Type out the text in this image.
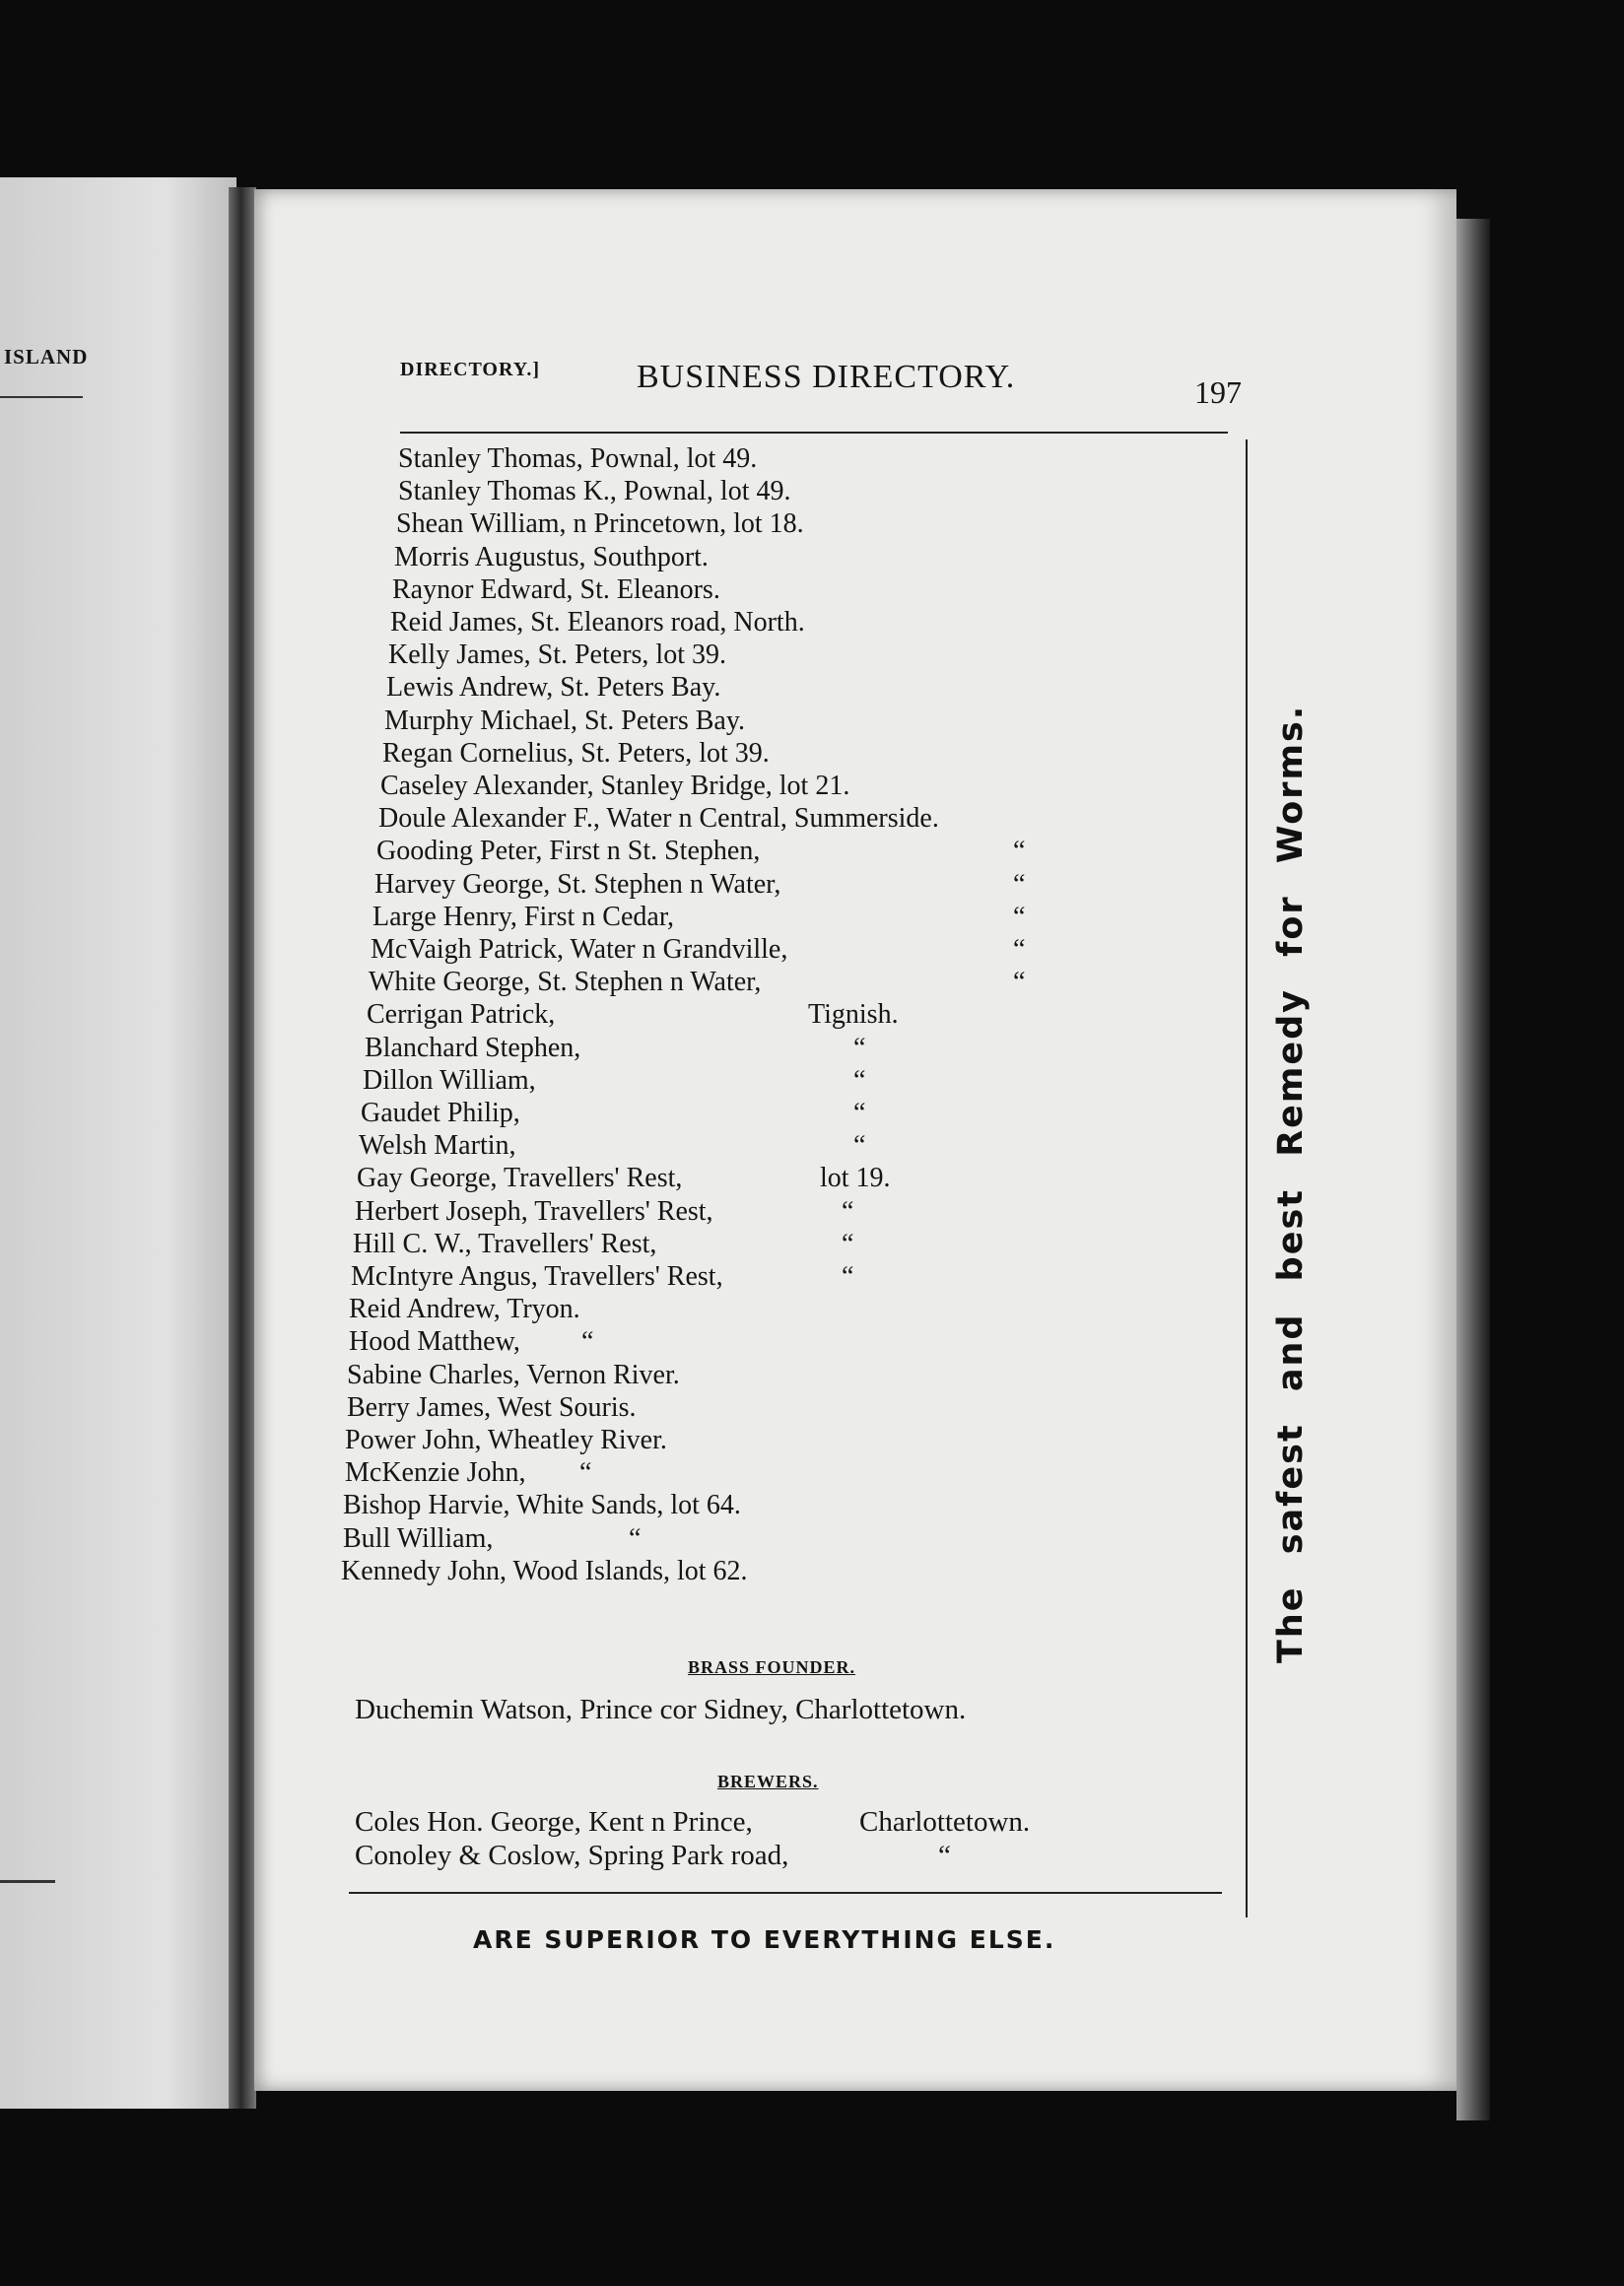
ISLAND
DIRECTORY.]	BUSINESS DIRECTORY.	197
Stanley Thomas, Pownal, lot 49.
Stanley Thomas K., Pownal, lot 49.
Shean William, n Princetown, lot 18.
Morris Augustus, Southport.
Raynor Edward, St. Eleanors.
Reid James, St. Eleanors road, North.
Kelly James, St. Peters, lot 39.
Lewis Andrew, St. Peters Bay.
Murphy Michael, St. Peters Bay.
Regan Cornelius, St. Peters, lot 39.
Caseley Alexander, Stanley Bridge, lot 21.
Doule Alexander F., Water n Central, Summerside.
Gooding Peter, First n St. Stephen,	“
Harvey George, St. Stephen n Water,	“
Large Henry, First n Cedar,	“
McVaigh Patrick, Water n Grandville,	“
White George, St. Stephen n Water,	“
Cerrigan Patrick,	Tignish.
Blanchard Stephen,	“
Dillon William,	“
Gaudet Philip,	“
Welsh Martin,	“
Gay George, Travellers' Rest,	lot 19.
Herbert Joseph, Travellers' Rest,	“
Hill C. W., Travellers' Rest,	“
McIntyre Angus, Travellers' Rest,	“
Reid Andrew, Tryon.
Hood Matthew, “
Sabine Charles, Vernon River.
Berry James, West Souris.
Power John, Wheatley River.
McKenzie John, “
Bishop Harvie, White Sands, lot 64.
Bull William,	“
Kennedy John, Wood Islands, lot 62.
BRASS FOUNDER.
Duchemin Watson, Prince cor Sidney, Charlottetown.
BREWERS.
Coles Hon. George, Kent n Prince,	Charlottetown.
Conoley & Coslow, Spring Park road,	“
ARE SUPERIOR TO EVERYTHING ELSE.
The safest and best Remedy for Worms.
